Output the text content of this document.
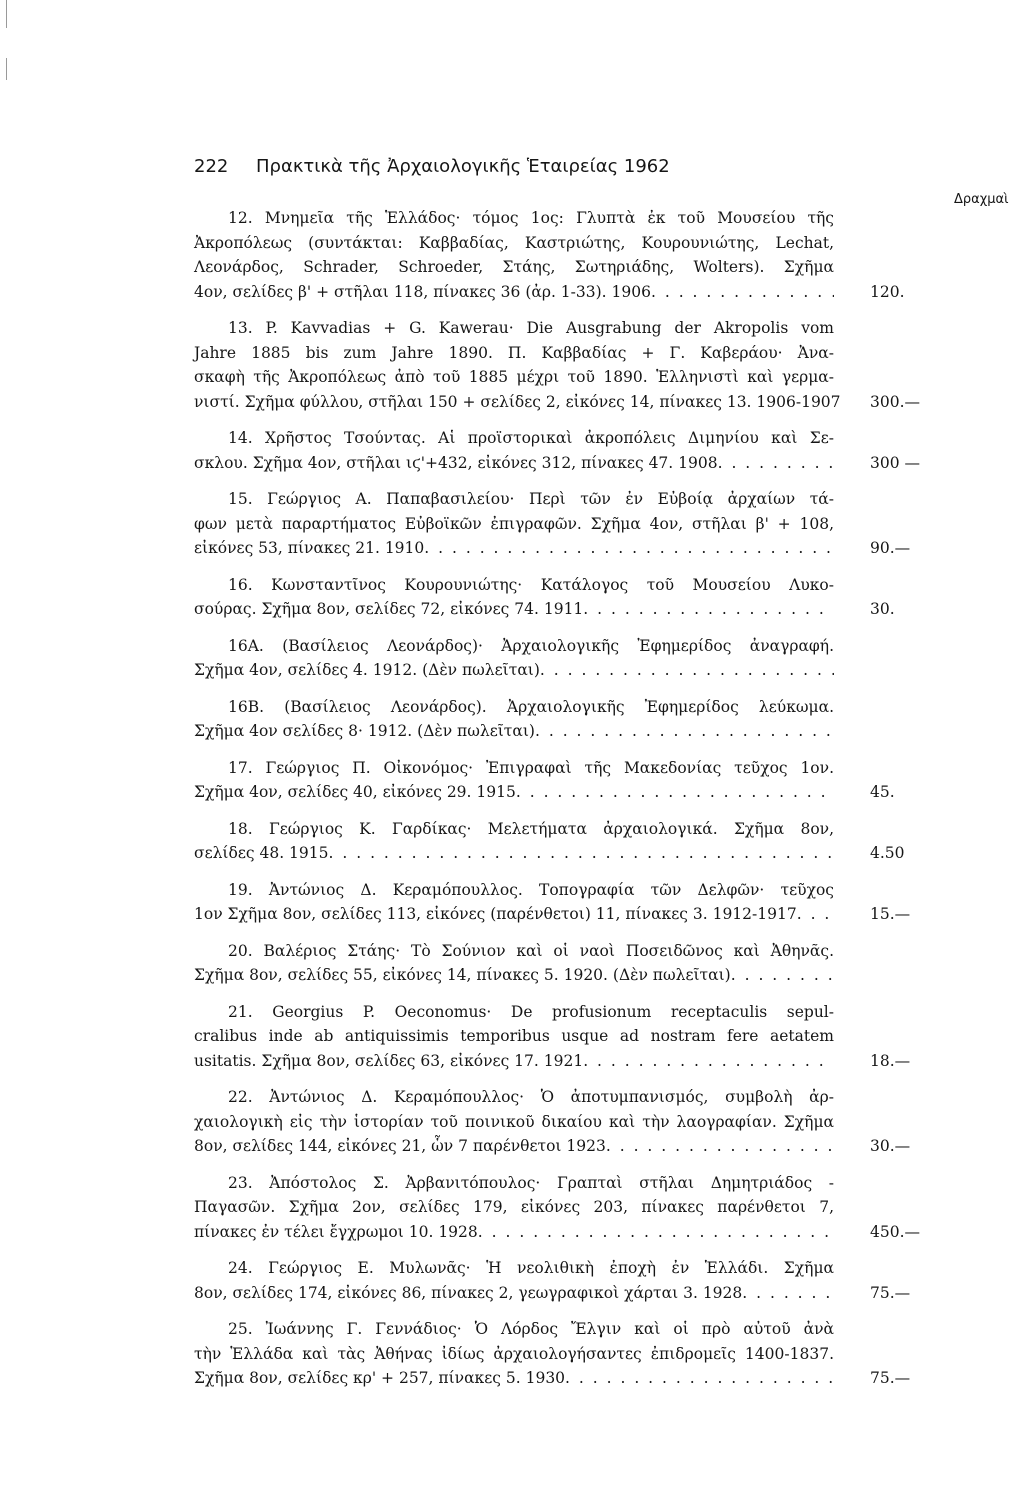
222 Πρακτικὰ τῆς Ἀρχαιολογικῆς Ἑταιρείας 1962
Δραχμαὶ
12. Μνημεῖα τῆς Ἑλλάδος· τόμος 1ος: Γλυπτὰ ἐκ τοῦ Μουσείου τῆς
Ἀκροπόλεως (συντάκται: Καββαδίας, Καστριώτης, Κουρουνιώτης, Lechat,
Λεονάρδος, Schrader, Schroeder, Στάης, Σωτηριάδης, Wolters). Σχῆμα
4ον, σελίδες β' + στῆλαι 118, πίνακες 36 (ἀρ. 1-33). 1906 . . .	120.
13. P. Kavvadias + G. Kawerau· Die Ausgrabung der Akropolis vom
Jahre 1885 bis zum Jahre 1890. Π. Καββαδίας + Γ. Καβεράου· Ἀνα-
σκαφὴ τῆς Ἀκροπόλεως ἀπὸ τοῦ 1885 μέχρι τοῦ 1890. Ἑλληνιστὶ καὶ γερμα-
νιστί. Σχῆμα φύλλου, στῆλαι 150 + σελίδες 2, εἰκόνες 14, πίνακες 13. 1906-1907 300.—
14. Χρῆστος Τσούντας. Αἱ προϊστορικαὶ ἀκροπόλεις Διμηνίου καὶ Σε-
σκλου. Σχῆμα 4ον, στῆλαι ιϛ'+432, εἰκόνες 312, πίνακες 47. 1908 . . .	300 —
15. Γεώργιος Α. Παπαβασιλείου· Περὶ τῶν ἐν Εὐβοίᾳ ἀρχαίων τά-
φων μετὰ παραρτήματος Εὐβοϊκῶν ἐπιγραφῶν. Σχῆμα 4ον, στῆλαι β' + 108,
εἰκόνες 53, πίνακες 21. 1910 . . .	90.—
16. Κωνσταντῖνος Κουρουνιώτης· Κατάλογος τοῦ Μουσείου Λυκο-
σούρας. Σχῆμα 8ον, σελίδες 72, εἰκόνες 74. 1911 . . .	30.
16Α. (Βασίλειος Λεονάρδος)· Ἀρχαιολογικῆς Ἐφημερίδος ἀναγραφή.
Σχῆμα 4ον, σελίδες 4. 1912. (Δὲν πωλεῖται)
. . .
16Β. (Βασίλειος Λεονάρδος). Ἀρχαιολογικῆς Ἐφημερίδος λεύκωμα.
Σχῆμα 4ον σελίδες 8· 1912. (Δὲν πωλεῖται)
. . .
17. Γεώργιος Π. Οἰκονόμος· Ἐπιγραφαὶ τῆς Μακεδονίας τεῦχος 1ον.
Σχῆμα 4ον, σελίδες 40, εἰκόνες 29. 1915 . . .	45.
18. Γεώργιος Κ. Γαρδίκας· Μελετήματα ἀρχαιολογικά. Σχῆμα 8ον,
σελίδες 48. 1915 . . .	4.50
19. Ἀντώνιος Δ. Κεραμόπουλλος. Τοπογραφία τῶν Δελφῶν· τεῦχος
1ον Σχῆμα 8ον, σελίδες 113, εἰκόνες (παρένθετοι) 11, πίνακες 3. 1912-1917 . . .	15.—
20. Βαλέριος Στάης· Τὸ Σούνιον καὶ οἱ ναοὶ Ποσειδῶνος καὶ Ἀθηνᾶς.
Σχῆμα 8ον, σελίδες 55, εἰκόνες 14, πίνακες 5. 1920. (Δὲν πωλεῖται)
. . .
21. Georgius P. Oeconomus· De profusionum receptaculis sepul-
cralibus inde ab antiquissimis temporibus usque ad nostram fere aetatem
usitatis. Σχῆμα 8ον, σελίδες 63, εἰκόνες 17. 1921 . . .	18.—
22. Ἀντώνιος Δ. Κεραμόπουλλος· Ὁ ἀποτυμπανισμός, συμβολὴ ἀρ-
χαιολογικὴ εἰς τὴν ἱστορίαν τοῦ ποινικοῦ δικαίου καὶ τὴν λαογραφίαν. Σχῆμα
8ον, σελίδες 144, εἰκόνες 21, ὧν 7 παρένθετοι 1923 . . .	30.—
23. Ἀπόστολος Σ. Ἀρβανιτόπουλος· Γραπταὶ στῆλαι Δημητριάδος -
Παγασῶν. Σχῆμα 2ον, σελίδες 179, εἰκόνες 203, πίνακες παρένθετοι 7,
πίνακες ἐν τέλει ἔγχρωμοι 10. 1928 . . .	450.—
24. Γεώργιος Ε. Μυλωνᾶς· Ἡ νεολιθικὴ ἐποχὴ ἐν Ἑλλάδι. Σχῆμα
8ον, σελίδες 174, εἰκόνες 86, πίνακες 2, γεωγραφικοὶ χάρται 3. 1928 . . .	75.—
25. Ἰωάννης Γ. Γεννάδιος· Ὁ Λόρδος Ἔλγιν καὶ οἱ πρὸ αὐτοῦ ἀνὰ
τὴν Ἑλλάδα καὶ τὰς Ἀθήνας ἰδίως ἀρχαιολογήσαντες ἐπιδρομεῖς 1400-1837.
Σχῆμα 8ον, σελίδες κρ' + 257, πίνακες 5. 1930 . . .	75.—
